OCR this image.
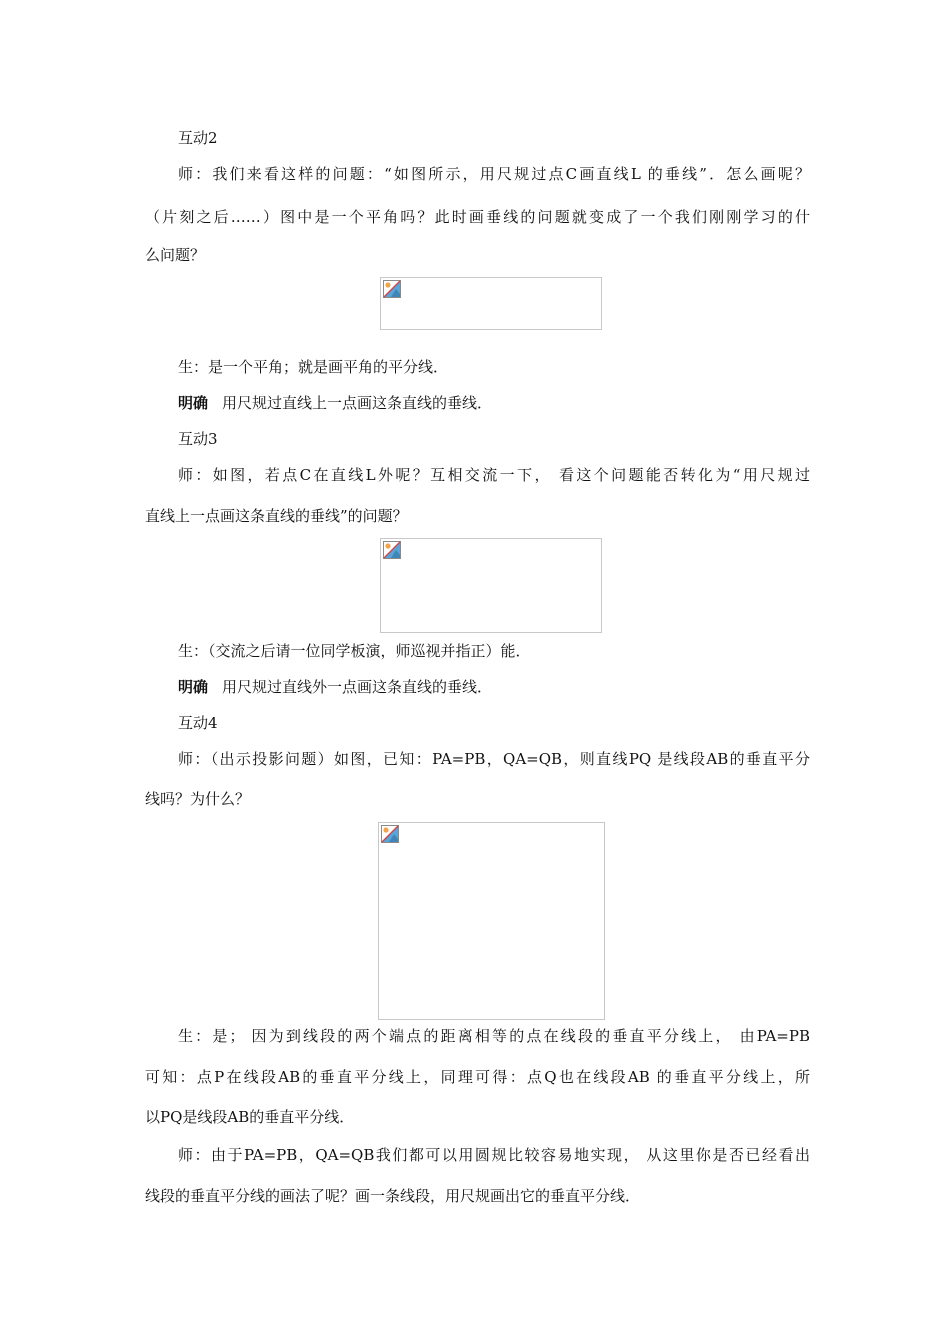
互动2
师：我们来看这样的问题：“如图所示，用尺规过点C画直线L 的垂线”．怎么画呢？
（片刻之后……）图中是一个平角吗？此时画垂线的问题就变成了一个我们刚刚学习的什
么问题？
生：是一个平角；就是画平角的平分线．
明确 用尺规过直线上一点画这条直线的垂线．
互动3
师：如图，若点C在直线L外呢？互相交流一下， 看这个问题能否转化为“用尺规过
直线上一点画这条直线的垂线”的问题？
生：（交流之后请一位同学板演，师巡视并指正）能．
明确 用尺规过直线外一点画这条直线的垂线．
互动4
师：（出示投影问题）如图，已知：PA=PB，QA=QB，则直线PQ 是线段AB的垂直平分
线吗？为什么？
生：是； 因为到线段的两个端点的距离相等的点在线段的垂直平分线上， 由PA=PB
可知：点P在线段AB的垂直平分线上，同理可得：点Q也在线段AB 的垂直平分线上，所
以PQ是线段AB的垂直平分线．
师：由于PA=PB，QA=QB我们都可以用圆规比较容易地实现， 从这里你是否已经看出
线段的垂直平分线的画法了呢？画一条线段，用尺规画出它的垂直平分线．
